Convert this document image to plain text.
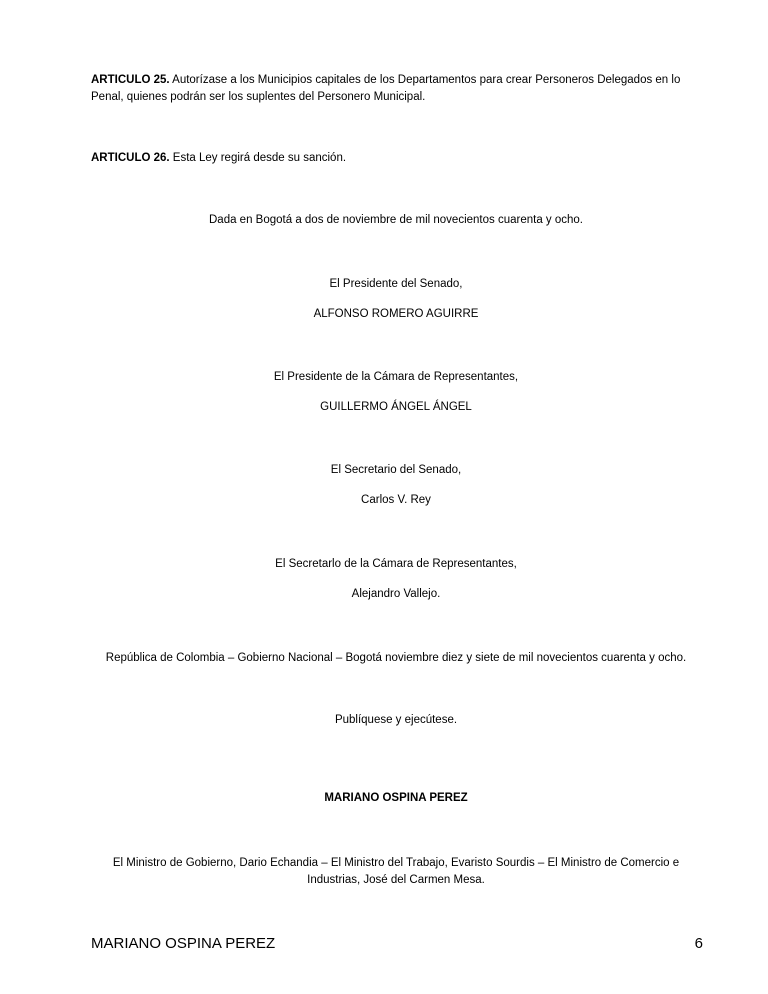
ARTICULO 25. Autorízase a los Municipios capitales de los Departamentos para crear Personeros Delegados en lo Penal, quienes podrán ser los suplentes del Personero Municipal.

ARTICULO 26. Esta Ley regirá desde su sanción.

Dada en Bogotá a dos de noviembre de mil novecientos cuarenta y ocho.
El Presidente del Senado,
ALFONSO ROMERO AGUIRRE
El Presidente de la Cámara de Representantes,
GUILLERMO ÁNGEL ÁNGEL
El Secretario del Senado,
Carlos V. Rey
El Secretarlo de la Cámara de Representantes,
Alejandro Vallejo.
República de Colombia – Gobierno Nacional – Bogotá noviembre diez y siete de mil novecientos cuarenta y ocho.
Publíquese y ejecútese.
MARIANO OSPINA PEREZ
El Ministro de Gobierno, Dario Echandia – El Ministro del Trabajo, Evaristo Sourdis – El Ministro de Comercio e Industrias, José del Carmen Mesa.
MARIANO OSPINA PEREZ	6
